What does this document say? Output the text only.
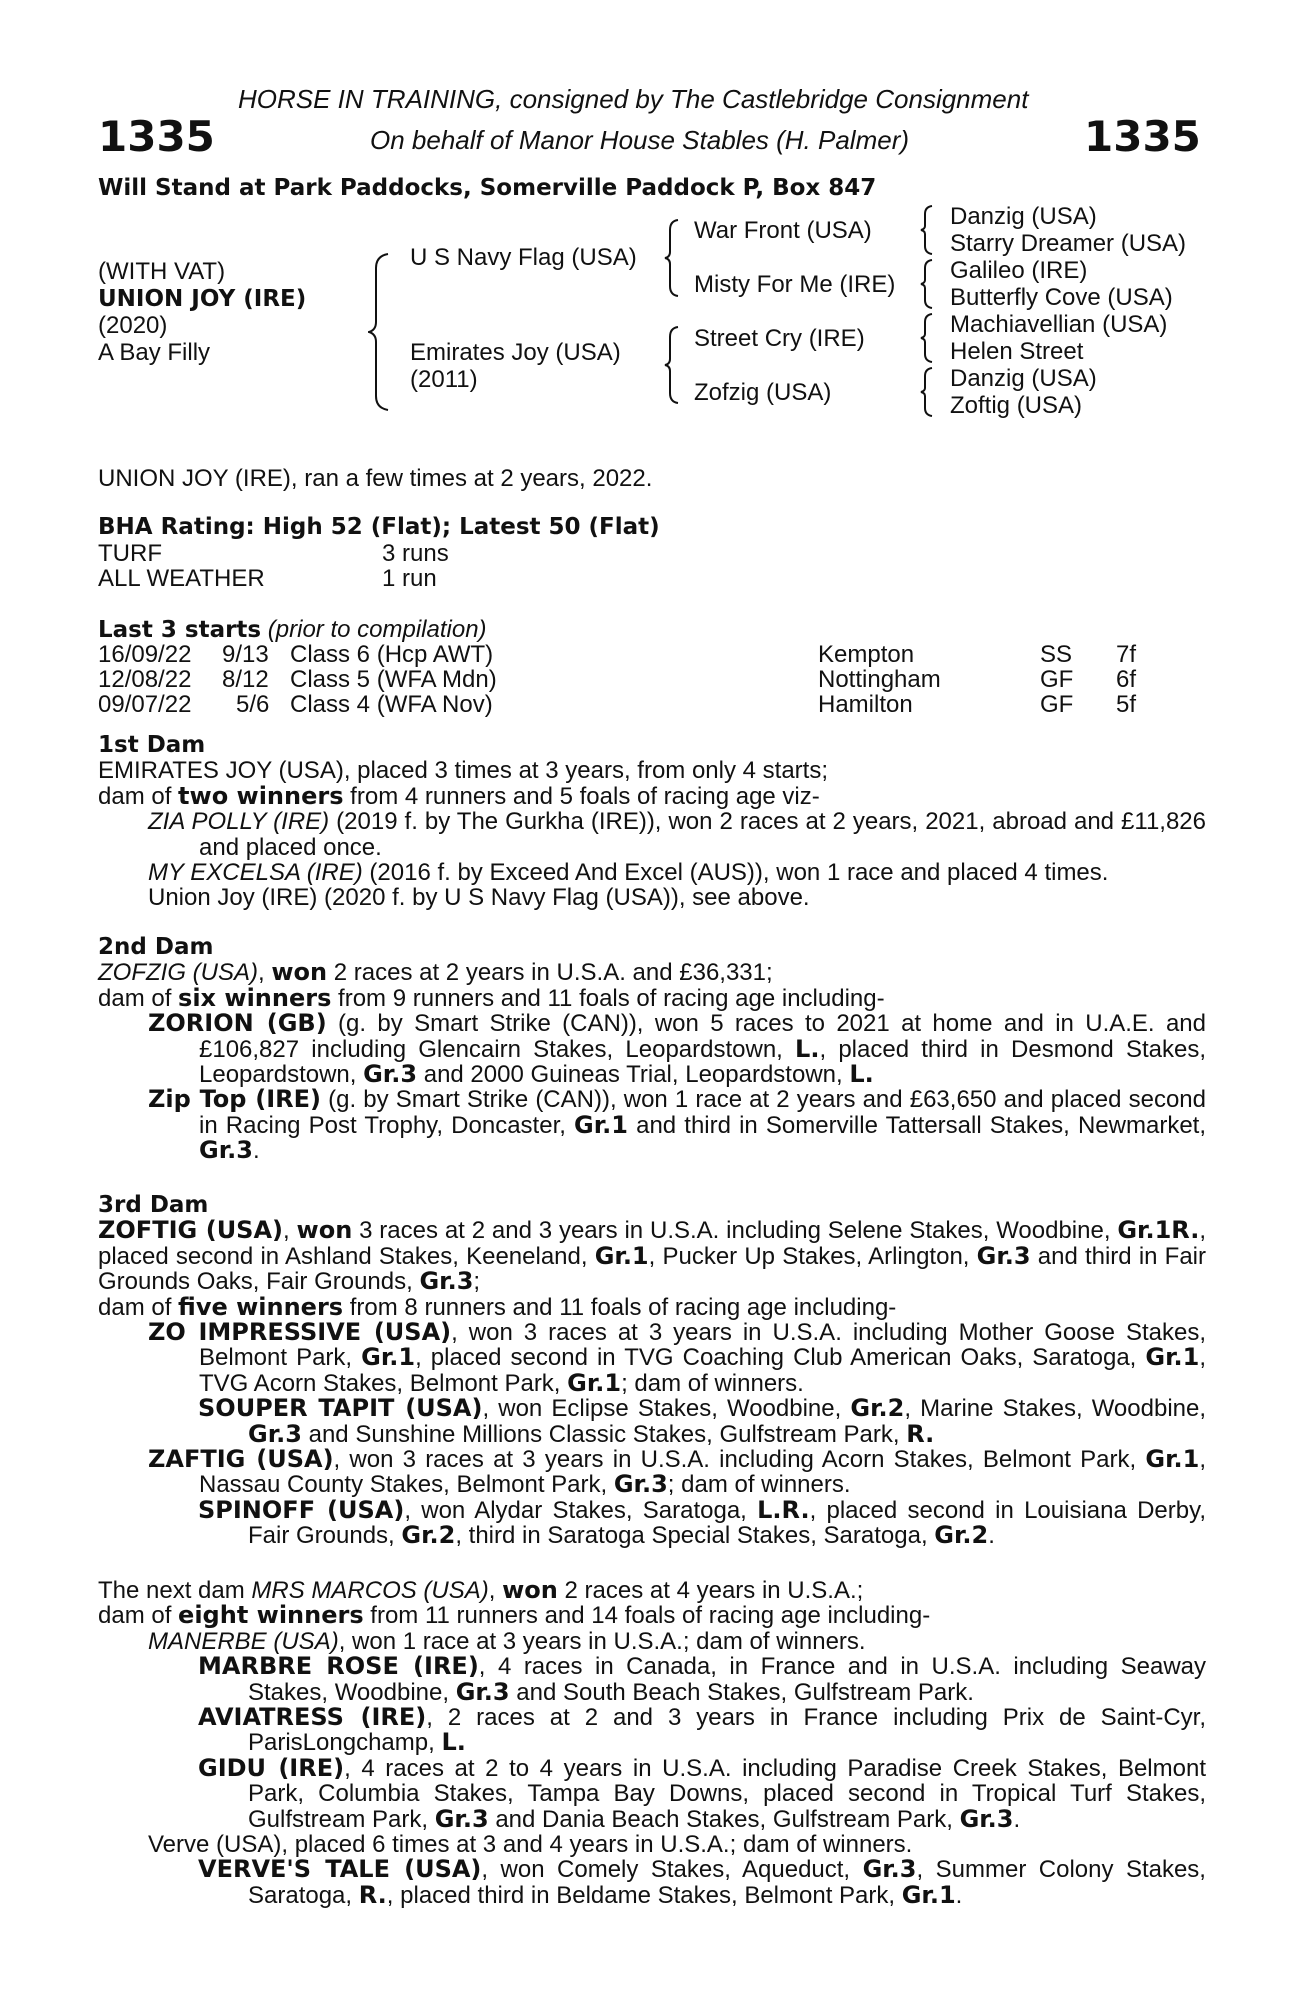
1335	1335
HORSE IN TRAINING, consigned by The Castlebridge Consignment
On behalf of Manor House Stables (H. Palmer)
Will Stand at Park Paddocks, Somerville Paddock P, Box 847
(WITH VAT)
UNION JOY (IRE)
(2020)
A Bay Filly
U S Navy Flag (USA)
Emirates Joy (USA)
(2011)
War Front (USA)
Misty For Me (IRE)
Street Cry (IRE)
Zofzig (USA)
Danzig (USA)
Starry Dreamer (USA)
Galileo (IRE)
Butterfly Cove (USA)
Machiavellian (USA)
Helen Street
Danzig (USA)
Zoftig (USA)
UNION JOY (IRE), ran a few times at 2 years, 2022.
BHA Rating: High 52 (Flat); Latest 50 (Flat)
TURF	3 runs
ALL WEATHER	1 run
Last 3 starts (prior to compilation)
16/09/22 9/13 Class 6 (Hcp AWT)	Kempton	SS 7f
12/08/22 8/12 Class 5 (WFA Mdn)	Nottingham	GF 6f
09/07/22 5/6 Class 4 (WFA Nov)	Hamilton	GF 5f

1st Dam

EMIRATES JOY (USA), placed 3 times at 3 years, from only 4 starts;

dam of two winners from 4 runners and 5 foals of racing age viz-

ZIA POLLY (IRE) (2019 f. by The Gurkha (IRE)), won 2 races at 2 years, 2021, abroad and £11,826 and placed once.

MY EXCELSA (IRE) (2016 f. by Exceed And Excel (AUS)), won 1 race and placed 4 times.

Union Joy (IRE) (2020 f. by U S Navy Flag (USA)), see above.

2nd Dam

ZOFZIG (USA), won 2 races at 2 years in U.S.A. and £36,331;

dam of six winners from 9 runners and 11 foals of racing age including-

ZORION (GB) (g. by Smart Strike (CAN)), won 5 races to 2021 at home and in U.A.E. and £106,827 including Glencairn Stakes, Leopardstown, L., placed third in Desmond Stakes, Leopardstown, Gr.3 and 2000 Guineas Trial, Leopardstown, L.

Zip Top (IRE) (g. by Smart Strike (CAN)), won 1 race at 2 years and £63,650 and placed second in Racing Post Trophy, Doncaster, Gr.1 and third in Somerville Tattersall Stakes, Newmarket, Gr.3.

3rd Dam

ZOFTIG (USA), won 3 races at 2 and 3 years in U.S.A. including Selene Stakes, Woodbine, Gr.1R., placed second in Ashland Stakes, Keeneland, Gr.1, Pucker Up Stakes, Arlington, Gr.3 and third in Fair Grounds Oaks, Fair Grounds, Gr.3;

dam of five winners from 8 runners and 11 foals of racing age including-

ZO IMPRESSIVE (USA), won 3 races at 3 years in U.S.A. including Mother Goose Stakes, Belmont Park, Gr.1, placed second in TVG Coaching Club American Oaks, Saratoga, Gr.1, TVG Acorn Stakes, Belmont Park, Gr.1; dam of winners.

SOUPER TAPIT (USA), won Eclipse Stakes, Woodbine, Gr.2, Marine Stakes, Woodbine, Gr.3 and Sunshine Millions Classic Stakes, Gulfstream Park, R.

ZAFTIG (USA), won 3 races at 3 years in U.S.A. including Acorn Stakes, Belmont Park, Gr.1, Nassau County Stakes, Belmont Park, Gr.3; dam of winners.

SPINOFF (USA), won Alydar Stakes, Saratoga, L.R., placed second in Louisiana Derby, Fair Grounds, Gr.2, third in Saratoga Special Stakes, Saratoga, Gr.2.

The next dam MRS MARCOS (USA), won 2 races at 4 years in U.S.A.;

dam of eight winners from 11 runners and 14 foals of racing age including-

MANERBE (USA), won 1 race at 3 years in U.S.A.; dam of winners.

MARBRE ROSE (IRE), 4 races in Canada, in France and in U.S.A. including Seaway Stakes, Woodbine, Gr.3 and South Beach Stakes, Gulfstream Park.

AVIATRESS (IRE), 2 races at 2 and 3 years in France including Prix de Saint-Cyr, ParisLongchamp, L.

GIDU (IRE), 4 races at 2 to 4 years in U.S.A. including Paradise Creek Stakes, Belmont Park, Columbia Stakes, Tampa Bay Downs, placed second in Tropical Turf Stakes, Gulfstream Park, Gr.3 and Dania Beach Stakes, Gulfstream Park, Gr.3.

Verve (USA), placed 6 times at 3 and 4 years in U.S.A.; dam of winners.

VERVE'S TALE (USA), won Comely Stakes, Aqueduct, Gr.3, Summer Colony Stakes, Saratoga, R., placed third in Beldame Stakes, Belmont Park, Gr.1.
